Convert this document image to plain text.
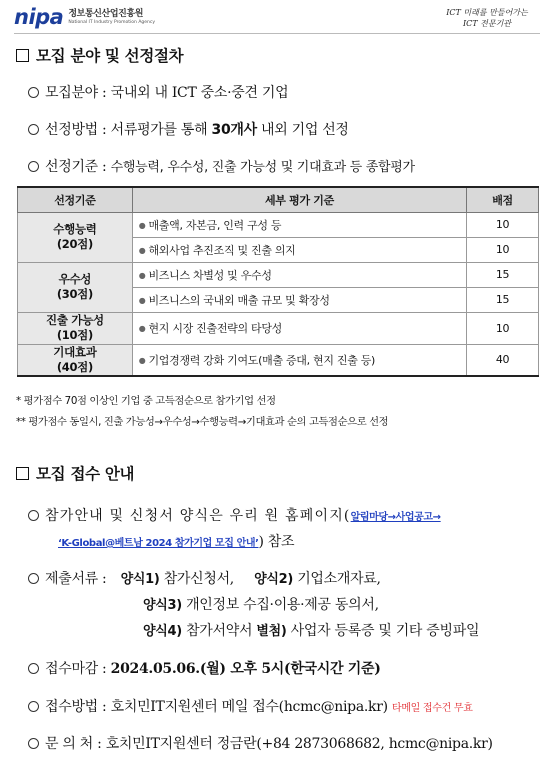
nipa 정보통신산업진흥원
National IT Industry Promotion Agency
ICT 미래를 만들어가는
ICT 전문기관
모집 분야 및 선정절차
모집분야 : 국내외 내 ICT 중소·중견 기업
선정방법 : 서류평가를 통해 30개사 내외 기업 선정
선정기준 : 수행능력, 우수성, 진출 가능성 및 기대효과 등 종합평가
선정기준	세부 평가 기준	배점

수행능력
(20점)	● 매출액, 자본금, 인력 구성 등	10
	● 해외사업 추진조직 및 진출 의지	10

우수성
(30점)	● 비즈니스 차별성 및 우수성	15
	● 비즈니스의 국내외 매출 규모 및 확장성	15

진출 가능성
(10점)	● 현지 시장 진출전략의 타당성	10

기대효과
(40점)	● 기업경쟁력 강화 기여도(매출 증대, 현지 진출 등)	40
* 평가점수 70점 이상인 기업 중 고득점순으로 참가기업 선정
** 평가점수 동일시, 진출 가능성→우수성→수행능력→기대효과 순의 고득점순으로 선정
모집 접수 안내
참가안내 및 신청서 양식은 우리 원 홈페이지(알림마당→사업공고→
‘K-Global@베트남 2024 참가기업 모집 안내’) 참조
제출서류 : 양식1) 참가신청서, 양식2) 기업소개자료,
양식3) 개인정보 수집·이용·제공 동의서,
양식4) 참가서약서 별첨) 사업자 등록증 및 기타 증빙파일
접수마감 : 2024.05.06.(월) 오후 5시(한국시간 기준)
접수방법 : 호치민IT지원센터 메일 접수(hcmc@nipa.kr) 타메일 접수건 무효
문 의 처 : 호치민IT지원센터 정금란(+84 2873068682, hcmc@nipa.kr)
